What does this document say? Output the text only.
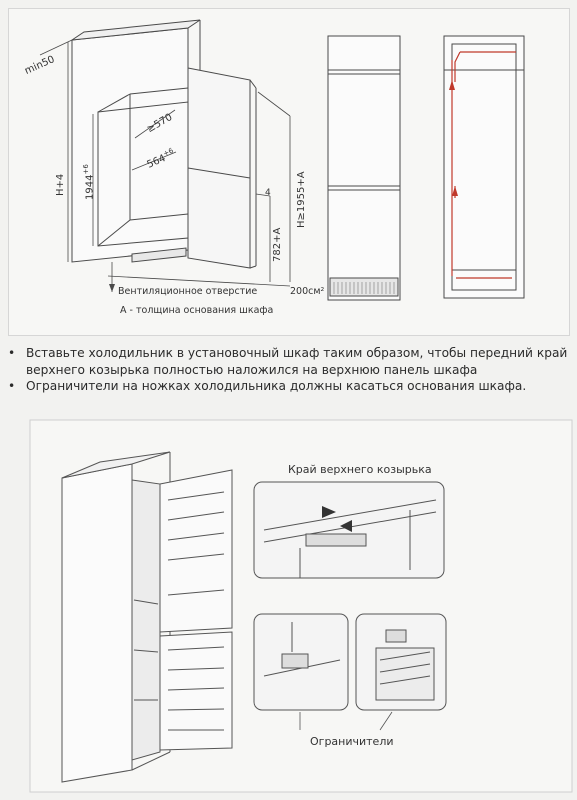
min50
≥570
$564^{+6}$
H+4 $1944^{+6}$
H≥1955+A
782+A
4
Вентиляционное отверстие	200см²
А - толщина основания шкафа
• Вставьте холодильник в установочный шкаф таким образом, чтобы передний край верхнего козырька полностью наложился на верхнюю панель шкафа
• Ограничители на ножках холодильника должны касаться основания шкафа.
Край верхнего козырька
Ограничители
